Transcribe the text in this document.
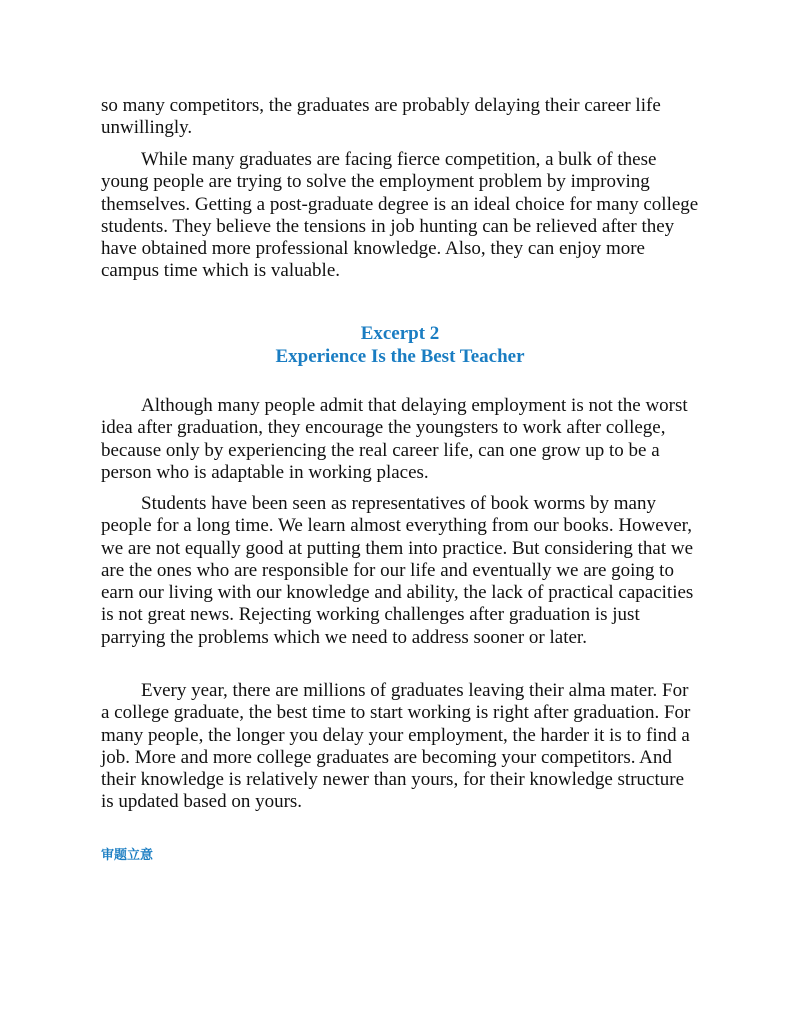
so many competitors, the graduates are probably delaying their career life unwillingly.

While many graduates are facing fierce competition, a bulk of these young people are trying to solve the employment problem by improving themselves. Getting a post-graduate degree is an ideal choice for many college students. They believe the tensions in job hunting can be relieved after they have obtained more professional knowledge. Also, they can enjoy more campus time which is valuable.

Excerpt 2
Experience Is the Best Teacher

Although many people admit that delaying employment is not the worst idea after graduation, they encourage the youngsters to work after college, because only by experiencing the real career life, can one grow up to be a person who is adaptable in working places.

Students have been seen as representatives of book worms by many people for a long time. We learn almost everything from our books. However, we are not equally good at putting them into practice. But considering that we are the ones who are responsible for our life and eventually we are going to earn our living with our knowledge and ability, the lack of practical capacities is not great news. Rejecting working challenges after graduation is just parrying the problems which we need to address sooner or later.

Every year, there are millions of graduates leaving their alma mater. For a college graduate, the best time to start working is right after graduation. For many people, the longer you delay your employment, the harder it is to find a job. More and more college graduates are becoming your competitors. And their knowledge is relatively newer than yours, for their knowledge structure is updated based on yours.

审题立意
